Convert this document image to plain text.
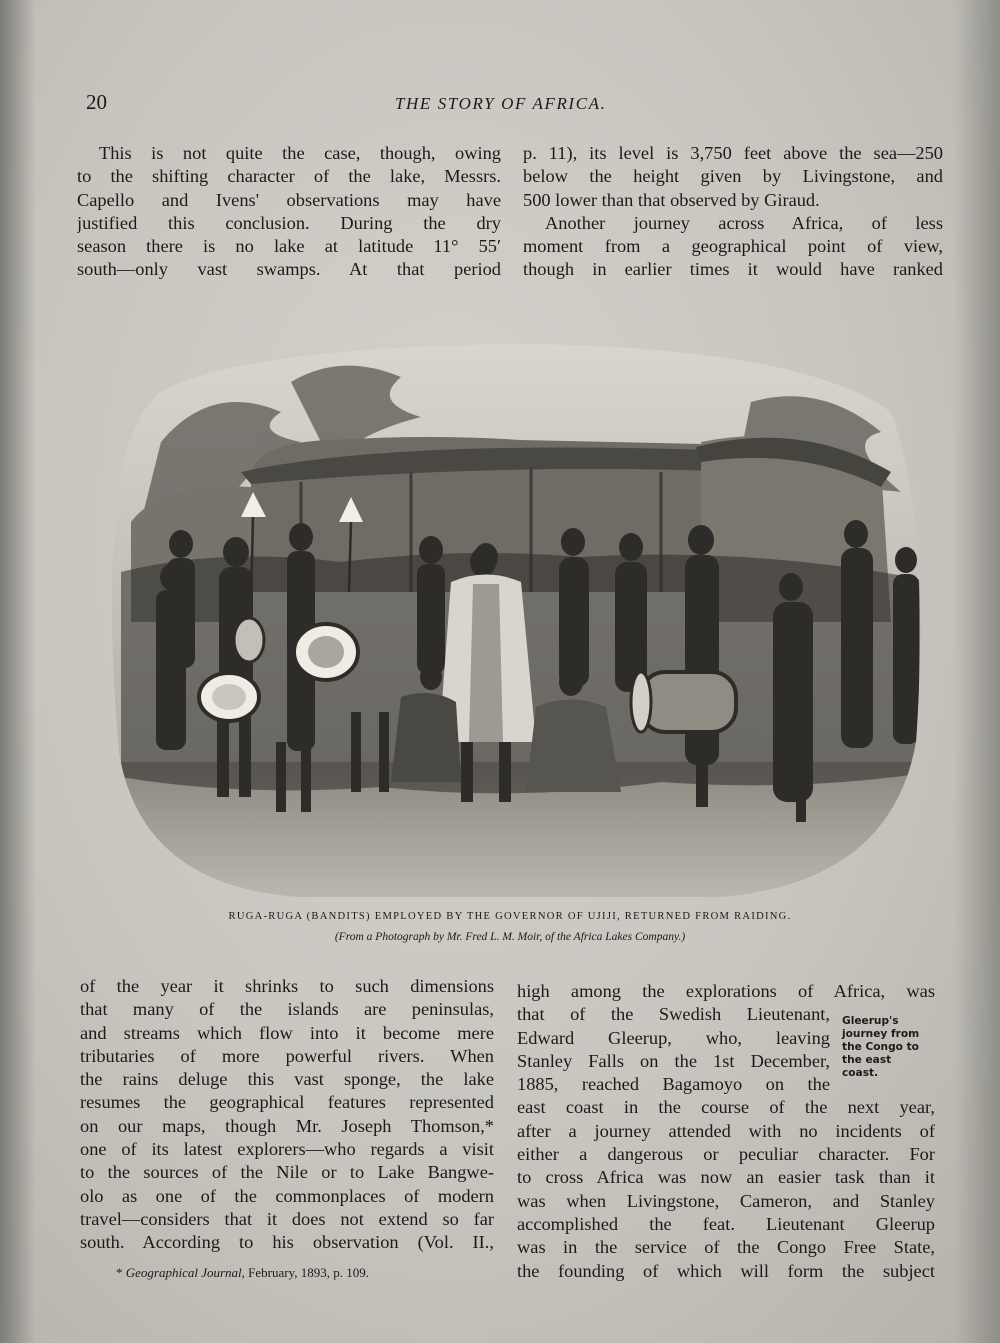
20	THE STORY OF AFRICA.
This is not quite the case, though, owing
to the shifting character of the lake, Messrs.
Capello and Ivens' observations may have
justified this conclusion. During the dry
season there is no lake at latitude 11° 55′
south—only vast swamps. At that period
p. 11), its level is 3,750 feet above the sea—250
below the height given by Livingstone, and
500 lower than that observed by Giraud.
Another journey across Africa, of less
moment from a geographical point of view,
though in earlier times it would have ranked
RUGA-RUGA (BANDITS) EMPLOYED BY THE GOVERNOR OF UJIJI, RETURNED FROM RAIDING.
(From a Photograph by Mr. Fred L. M. Moir, of the Africa Lakes Company.)
of the year it shrinks to such dimensions
that many of the islands are peninsulas,
and streams which flow into it become mere
tributaries of more powerful rivers. When
the rains deluge this vast sponge, the lake
resumes the geographical features represented
on our maps, though Mr. Joseph Thomson,*
one of its latest explorers—who regards a visit
to the sources of the Nile or to Lake Bangwe-
olo as one of the commonplaces of modern
travel—considers that it does not extend so far
south. According to his observation (Vol. II.,
* Geographical Journal, February, 1893, p. 109.
high among the explorations of Africa, was
that of the Swedish Lieutenant,
Edward Gleerup, who, leaving
Stanley Falls on the 1st December,
1885, reached Bagamoyo on the
east coast in the course of the next year,
after a journey attended with no incidents of
either a dangerous or peculiar character. For
to cross Africa was now an easier task than it
was when Livingstone, Cameron, and Stanley
accomplished the feat. Lieutenant Gleerup
was in the service of the Congo Free State,
the founding of which will form the subject
Gleerup's
journey from
the Congo to
the east
coast.
